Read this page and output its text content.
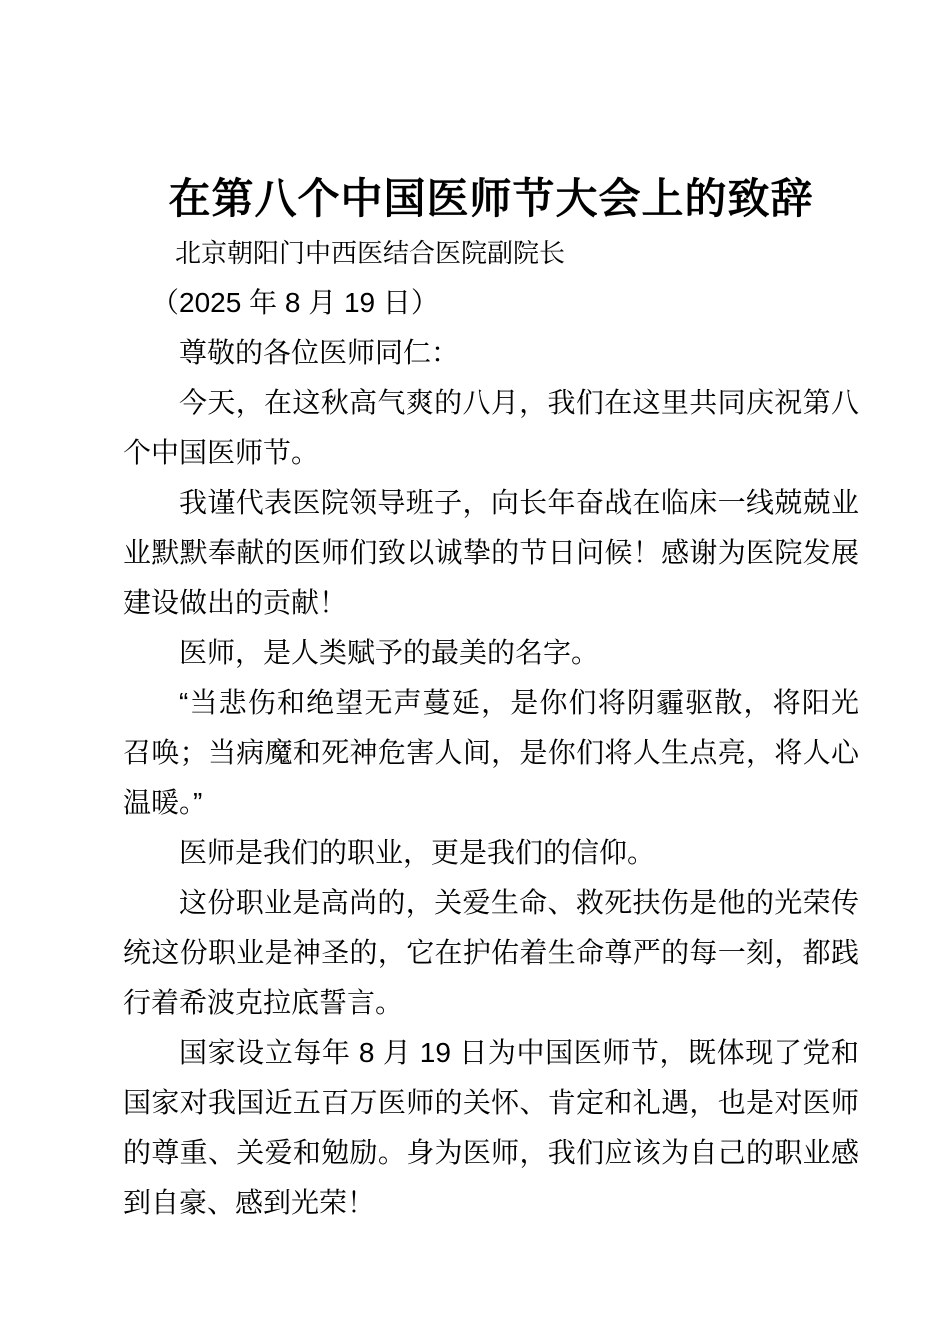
在第八个中国医师节大会上的致辞

北京朝阳门中西医结合医院副院长

（2025 年 8 月 19 日）

尊敬的各位医师同仁：

今天，在这秋高气爽的八月，我们在这里共同庆祝第八个中国医师节。

我谨代表医院领导班子，向长年奋战在临床一线兢兢业业默默奉献的医师们致以诚挚的节日问候！感谢为医院发展建设做出的贡献！

医师，是人类赋予的最美的名字。

“当悲伤和绝望无声蔓延，是你们将阴霾驱散，将阳光召唤；当病魔和死神危害人间，是你们将人生点亮，将人心温暖。”

医师是我们的职业，更是我们的信仰。

这份职业是高尚的，关爱生命、救死扶伤是他的光荣传统这份职业是神圣的，它在护佑着生命尊严的每一刻，都践行着希波克拉底誓言。

国家设立每年 8 月 19 日为中国医师节，既体现了党和国家对我国近五百万医师的关怀、肯定和礼遇，也是对医师的尊重、关爱和勉励。身为医师，我们应该为自己的职业感到自豪、感到光荣！
